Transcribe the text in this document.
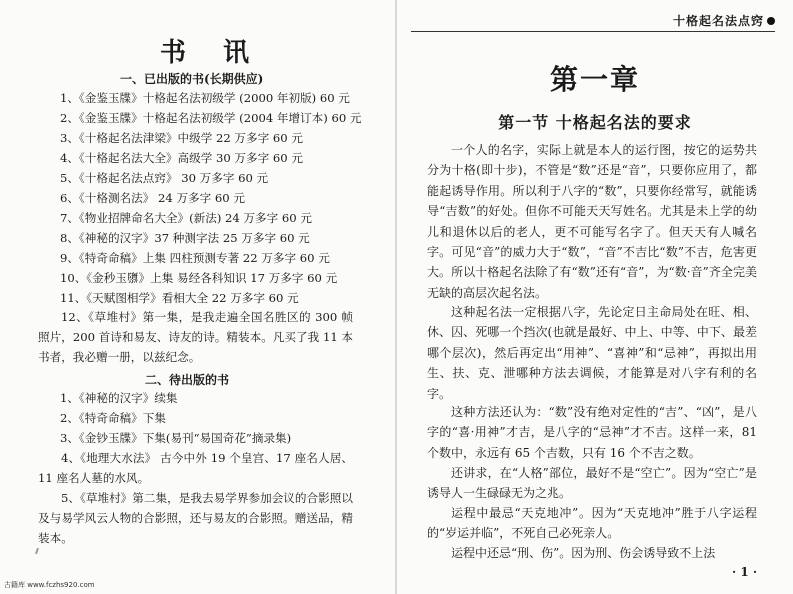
书 讯
一、已出版的书(长期供应)
1、《金鉴玉牒》十格起名法初级学 (2000 年初版) 60 元
2、《金鉴玉牒》十格起名法初级学 (2004 年增订本) 60 元
3、《十格起名法津梁》中级学 22 万多字 60 元
4、《十格起名法大全》高级学 30 万多字 60 元
5、《十格起名法点窍》 30 万多字 60 元
6、《十格测名法》 24 万多字 60 元
7、《物业招牌命名大全》(新法) 24 万多字 60 元
8、《神秘的汉字》37 种测字法 25 万多字 60 元
9、《特奇命稿》上集 四柱预测专著 22 万多字 60 元
10、《金秒玉隳》上集 易经各科知识 17 万多字 60 元
11、《天赋图相学》看相大全 22 万多字 60 元
12、《草堆村》第一集，是我走遍全国名胜区的 300 帧照片，200 首诗和易友、诗友的诗。精装本。凡买了我 11 本书者，我必赠一册，以兹纪念。
二、待出版的书
1、《神秘的汉字》续集
2、《特奇命稿》下集
3、《金钞玉牒》下集(易刊“易国奇花”摘录集)
4、《地理大水法》 古今中外 19 个皇宫、17 座名人居、11 座名人墓的水风。
5、《草堆村》第二集，是我去易学界参加会议的合影照以及与易学风云人物的合影照，还与易友的合影照。赠送品，精装本。
古籍库 www.fczhs920.com
十格起名法点窍
第一章
第一节 十格起名法的要求
一个人的名字，实际上就是本人的运行图，按它的运势共分为十格(即十步)，不管是“数”还是“音”，只要你应用了，都能起诱导作用。所以利于八字的“数”，只要你经常写，就能诱导“吉数”的好处。但你不可能天天写姓名。尤其是未上学的幼儿和退休以后的老人，更不可能写名字了。但天天有人喊名字。可见“音”的威力大于“数”，“音”不吉比“数”不吉，危害更大。所以十格起名法除了有“数”还有“音”，为“数·音”齐全完美无缺的高层次起名法。
这种起名法一定根据八字，先论定日主命局处在旺、相、休、囚、死哪一个挡次(也就是最好、中上、中等、中下、最差哪个层次)，然后再定出“用神”、“喜神”和“忌神”，再拟出用生、扶、克、泄哪种方法去调候，才能算是对八字有利的名字。
这种方法还认为：“数”没有绝对定性的“吉”、“凶”，是八字的“喜·用神”才吉，是八字的“忌神”才不吉。这样一来，81 个数中，永远有 65 个吉数，只有 16 个不吉之数。
还讲求，在“人格”部位，最好不是“空亡”。因为“空亡”是诱导人一生碌碌无为之兆。
运程中最忌“天克地冲”。因为“天克地冲”胜于八字运程的“岁运并临”，不死自己必死亲人。
运程中还忌“刑、伤”。因为刑、伤会诱导致不上法
· 1 ·
